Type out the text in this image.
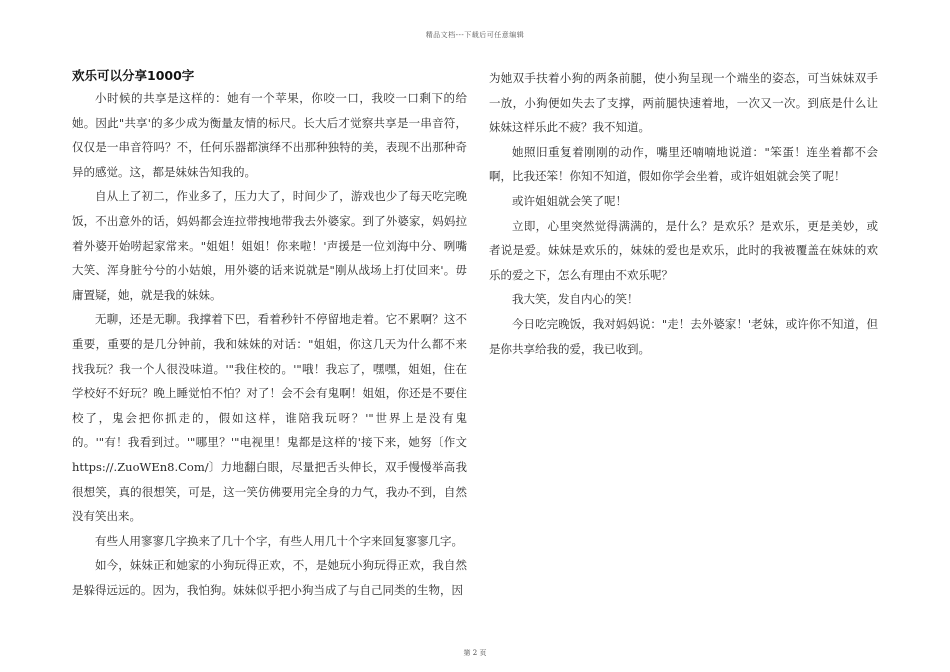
精品文档---下载后可任意编辑
欢乐可以分享1000字

小时候的共享是这样的：她有一个苹果，你咬一口，我咬一口剩下的给她。因此"共享'的多少成为衡量友情的标尺。长大后才觉察共享是一串音符，仅仅是一串音符吗？不，任何乐器都演绎不出那种独特的美，表现不出那种奇异的感觉。这，都是妹妹告知我的。

自从上了初二，作业多了，压力大了，时间少了，游戏也少了每天吃完晚饭，不出意外的话，妈妈都会连拉带拽地带我去外婆家。到了外婆家，妈妈拉着外婆开始唠起家常来。"姐姐！姐姐！你来啦！'声援是一位刘海中分、咧嘴大笑、浑身脏兮兮的小姑娘，用外婆的话来说就是"刚从战场上打仗回来'。毋庸置疑，她，就是我的妹妹。

无聊，还是无聊。我撑着下巴，看着秒针不停留地走着。它不累啊？这不重要，重要的是几分钟前，我和妹妹的对话："姐姐，你这几天为什么都不来找我玩？我一个人很没味道。'"我住校的。'"哦！我忘了，嘿嘿，姐姐，住在学校好不好玩？晚上睡觉怕不怕？对了！会不会有鬼啊！姐姐，你还是不要住校了，鬼会把你抓走的，假如这样，谁陪我玩呀？'"世界上是没有鬼的。'"有！我看到过。'"哪里？'"电视里！鬼都是这样的'接下来，她努〔作文https://.ZuoWEn8.Com/〕力地翻白眼，尽量把舌头伸长，双手慢慢举高我很想笑，真的很想笑，可是，这一笑仿佛要用完全身的力气，我办不到，自然没有笑出来。

有些人用寥寥几字换来了几十个字，有些人用几十个字来回复寥寥几字。

如今，妹妹正和她家的小狗玩得正欢，不，是她玩小狗玩得正欢，我自然是躲得远远的。因为，我怕狗。妹妹似乎把小狗当成了与自己同类的生物，因

为她双手扶着小狗的两条前腿，使小狗呈现一个端坐的姿态，可当妹妹双手一放，小狗便如失去了支撑，两前腿快速着地，一次又一次。到底是什么让妹妹这样乐此不疲？我不知道。

她照旧重复着刚刚的动作，嘴里还喃喃地说道："笨蛋！连坐着都不会啊，比我还笨！你知不知道，假如你学会坐着，或许姐姐就会笑了呢！

或许姐姐就会笑了呢！

立即，心里突然觉得满满的，是什么？是欢乐？是欢乐，更是美妙，或者说是爱。妹妹是欢乐的，妹妹的爱也是欢乐，此时的我被覆盖在妹妹的欢乐的爱之下，怎么有理由不欢乐呢？

我大笑，发自内心的笑！

今日吃完晚饭，我对妈妈说："走！去外婆家！'老妹，或许你不知道，但是你共享给我的爱，我已收到。

第 2 页
